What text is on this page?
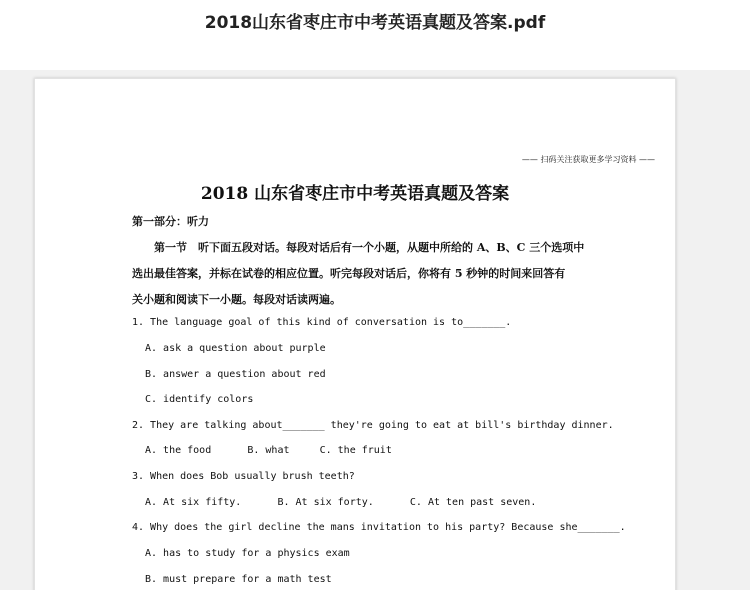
2018山东省枣庄市中考英语真题及答案.pdf
—— 扫码关注获取更多学习资料 ——
2018 山东省枣庄市中考英语真题及答案
第一部分：听力
　　第一节　听下面五段对话。每段对话后有一个小题，从题中所给的 A、B、C 三个选项中
选出最佳答案，并标在试卷的相应位置。听完每段对话后，你将有 5 秒钟的时间来回答有
关小题和阅读下一小题。每段对话读两遍。
1. The language goal of this kind of conversation is to_______.
A. ask a question about purple
B. answer a question about red
C. identify colors
2. They are talking about_______ they're going to eat at bill's birthday dinner.
A. the food      B. what     C. the fruit
3. When does Bob usually brush teeth?
A. At six fifty.      B. At six forty.      C. At ten past seven.
4. Why does the girl decline the mans invitation to his party? Because she_______.
A. has to study for a physics exam
B. must prepare for a math test
